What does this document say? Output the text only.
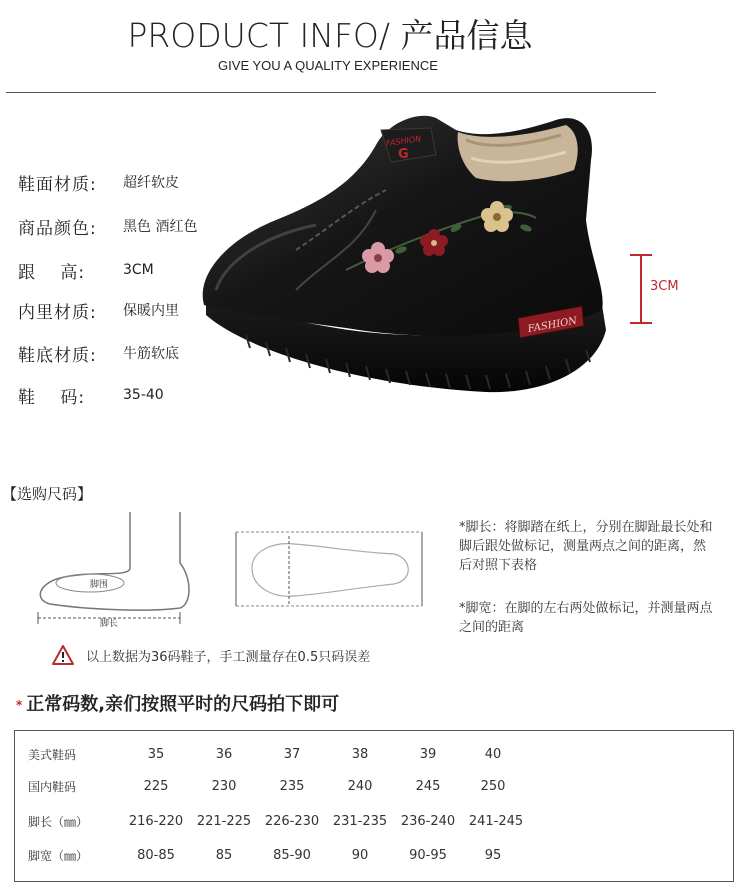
PRODUCT INFO/ 产品信息
GIVE YOU A QUALITY EXPERIENCE
鞋面材质:	超纤软皮
商品颜色:	黑色 酒红色
跟　 高:	3CM
内里材质:	保暖内里
鞋底材质:	牛筋软底
鞋　 码:	35-40
FASHION
G
FASHION
3CM
【选购尺码】
脚围
脚长
*脚长：将脚踏在纸上，分别在脚趾最长处和脚后跟处做标记，测量两点之间的距离，然后对照下表格
*脚宽：在脚的左右两处做标记，并测量两点之间的距离
以上数据为36码鞋子，手工测量存在0.5只码误差
* 正常码数,亲们按照平时的尺码拍下即可
美式鞋码	35	36	37	38	39	40
国内鞋码	225	230	235	240	245	250
脚长（㎜）	216-220 221-225 226-230 231-235 236-240 241-245
脚宽（㎜）	80-85	85	85-90	90	90-95	95
